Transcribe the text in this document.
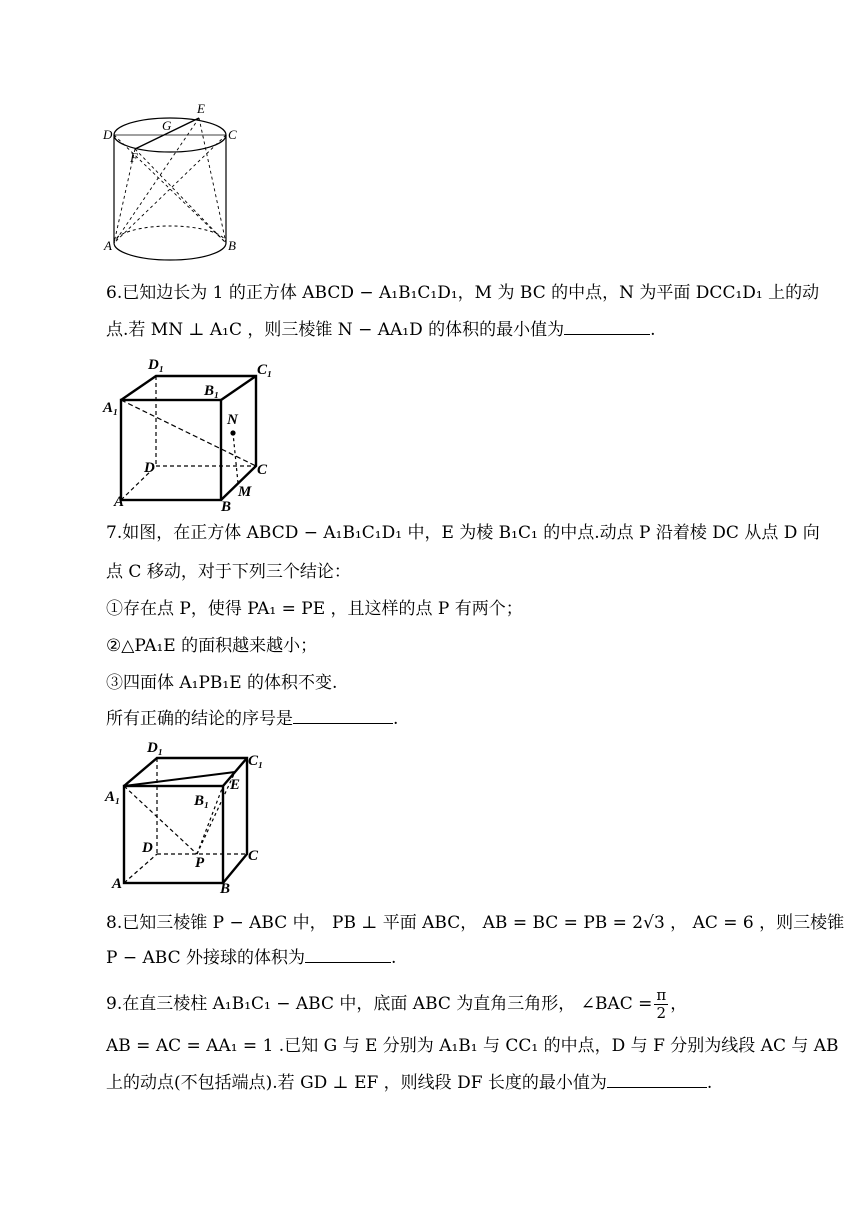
E
G
D	C
F
A	B
6.已知边长为 1 的正方体 ABCD − A₁B₁C₁D₁，M 为 BC 的中点，N 为平面 DCC₁D₁ 上的动
点.若 MN ⊥ A₁C ，则三棱锥 N − AA₁D 的体积的最小值为	.
D₁	C₁
B₁
A₁
N
D	C
M
A	B
7.如图，在正方体 ABCD − A₁B₁C₁D₁ 中，E 为棱 B₁C₁ 的中点.动点 P 沿着棱 DC 从点 D 向
点 C 移动，对于下列三个结论：
①存在点 P，使得 PA₁ = PE ，且这样的点 P 有两个；
②△PA₁E 的面积越来越小；
③四面体 A₁PB₁E 的体积不变.
所有正确的结论的序号是	.
D₁
C₁
A₁	B₁
E
D
P	C
A	B
8.已知三棱锥 P − ABC 中， PB ⊥ 平面 ABC， AB = BC = PB = 2√3 ， AC = 6 ，则三棱锥
P − ABC 外接球的体积为	.
9.在直三棱柱 A₁B₁C₁ − ABC 中，底面 ABC 为直角三角形， ∠BAC = $\frac{\pi}{2}$ ，
AB = AC = AA₁ = 1 .已知 G 与 E 分别为 A₁B₁ 与 CC₁ 的中点，D 与 F 分别为线段 AC 与 AB
上的动点(不包括端点).若 GD ⊥ EF ，则线段 DF 长度的最小值为	.
